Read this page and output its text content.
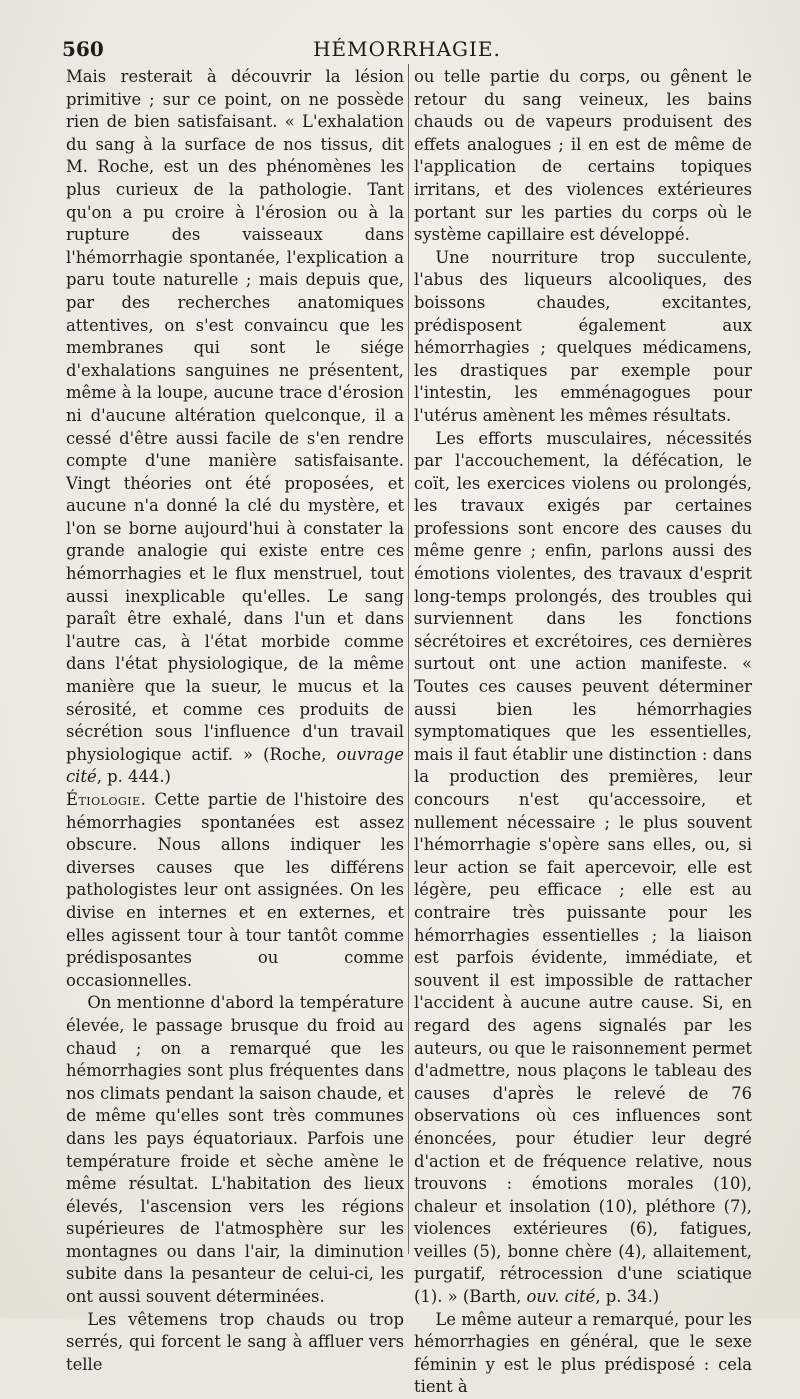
560	HÉMORRHAGIE.

Mais resterait à découvrir la lésion primitive ; sur ce point, on ne possède rien de bien satisfaisant. « L'exhalation du sang à la surface de nos tissus, dit M. Roche, est un des phénomènes les plus curieux de la pathologie. Tant qu'on a pu croire à l'érosion ou à la rupture des vaisseaux dans l'hémorrhagie spontanée, l'explication a paru toute naturelle ; mais depuis que, par des recherches anatomiques attentives, on s'est convaincu que les membranes qui sont le siége d'exhalations sanguines ne présentent, même à la loupe, aucune trace d'érosion ni d'aucune altération quelconque, il a cessé d'être aussi facile de s'en rendre compte d'une manière satisfaisante. Vingt théories ont été proposées, et aucune n'a donné la clé du mystère, et l'on se borne aujourd'hui à constater la grande analogie qui existe entre ces hémorrhagies et le flux menstruel, tout aussi inexplicable qu'elles. Le sang paraît être exhalé, dans l'un et dans l'autre cas, à l'état morbide comme dans l'état physiologique, de la même manière que la sueur, le mucus et la sérosité, et comme ces produits de sécrétion sous l'influence d'un travail physiologique actif. » (Roche, ouvrage cité, p. 444.)

Étiologie. Cette partie de l'histoire des hémorrhagies spontanées est assez obscure. Nous allons indiquer les diverses causes que les différens pathologistes leur ont assignées. On les divise en internes et en externes, et elles agissent tour à tour tantôt comme prédisposantes ou comme occasionnelles.

On mentionne d'abord la température élevée, le passage brusque du froid au chaud ; on a remarqué que les hémorrhagies sont plus fréquentes dans nos climats pendant la saison chaude, et de même qu'elles sont très communes dans les pays équatoriaux. Parfois une température froide et sèche amène le même résultat. L'habitation des lieux élevés, l'ascension vers les régions supérieures de l'atmosphère sur les montagnes ou dans l'air, la diminution subite dans la pesanteur de celui-ci, les ont aussi souvent déterminées.

Les vêtemens trop chauds ou trop serrés, qui forcent le sang à affluer vers telle

ou telle partie du corps, ou gênent le retour du sang veineux, les bains chauds ou de vapeurs produisent des effets analogues ; il en est de même de l'application de certains topiques irritans, et des violences extérieures portant sur les parties du corps où le système capillaire est développé.

Une nourriture trop succulente, l'abus des liqueurs alcooliques, des boissons chaudes, excitantes, prédisposent également aux hémorrhagies ; quelques médicamens, les drastiques par exemple pour l'intestin, les emménagogues pour l'utérus amènent les mêmes résultats.

Les efforts musculaires, nécessités par l'accouchement, la défécation, le coït, les exercices violens ou prolongés, les travaux exigés par certaines professions sont encore des causes du même genre ; enfin, parlons aussi des émotions violentes, des travaux d'esprit long-temps prolongés, des troubles qui surviennent dans les fonctions sécrétoires et excrétoires, ces dernières surtout ont une action manifeste. « Toutes ces causes peuvent déterminer aussi bien les hémorrhagies symptomatiques que les essentielles, mais il faut établir une distinction : dans la production des premières, leur concours n'est qu'accessoire, et nullement nécessaire ; le plus souvent l'hémorrhagie s'opère sans elles, ou, si leur action se fait apercevoir, elle est légère, peu efficace ; elle est au contraire très puissante pour les hémorrhagies essentielles ; la liaison est parfois évidente, immédiate, et souvent il est impossible de rattacher l'accident à aucune autre cause. Si, en regard des agens signalés par les auteurs, ou que le raisonnement permet d'admettre, nous plaçons le tableau des causes d'après le relevé de 76 observations où ces influences sont énoncées, pour étudier leur degré d'action et de fréquence relative, nous trouvons : émotions morales (10), chaleur et insolation (10), pléthore (7), violences extérieures (6), fatigues, veilles (5), bonne chère (4), allaitement, purgatif, rétrocession d'une sciatique (1). » (Barth, ouv. cité, p. 34.)

Le même auteur a remarqué, pour les hémorrhagies en général, que le sexe féminin y est le plus prédisposé : cela tient à
